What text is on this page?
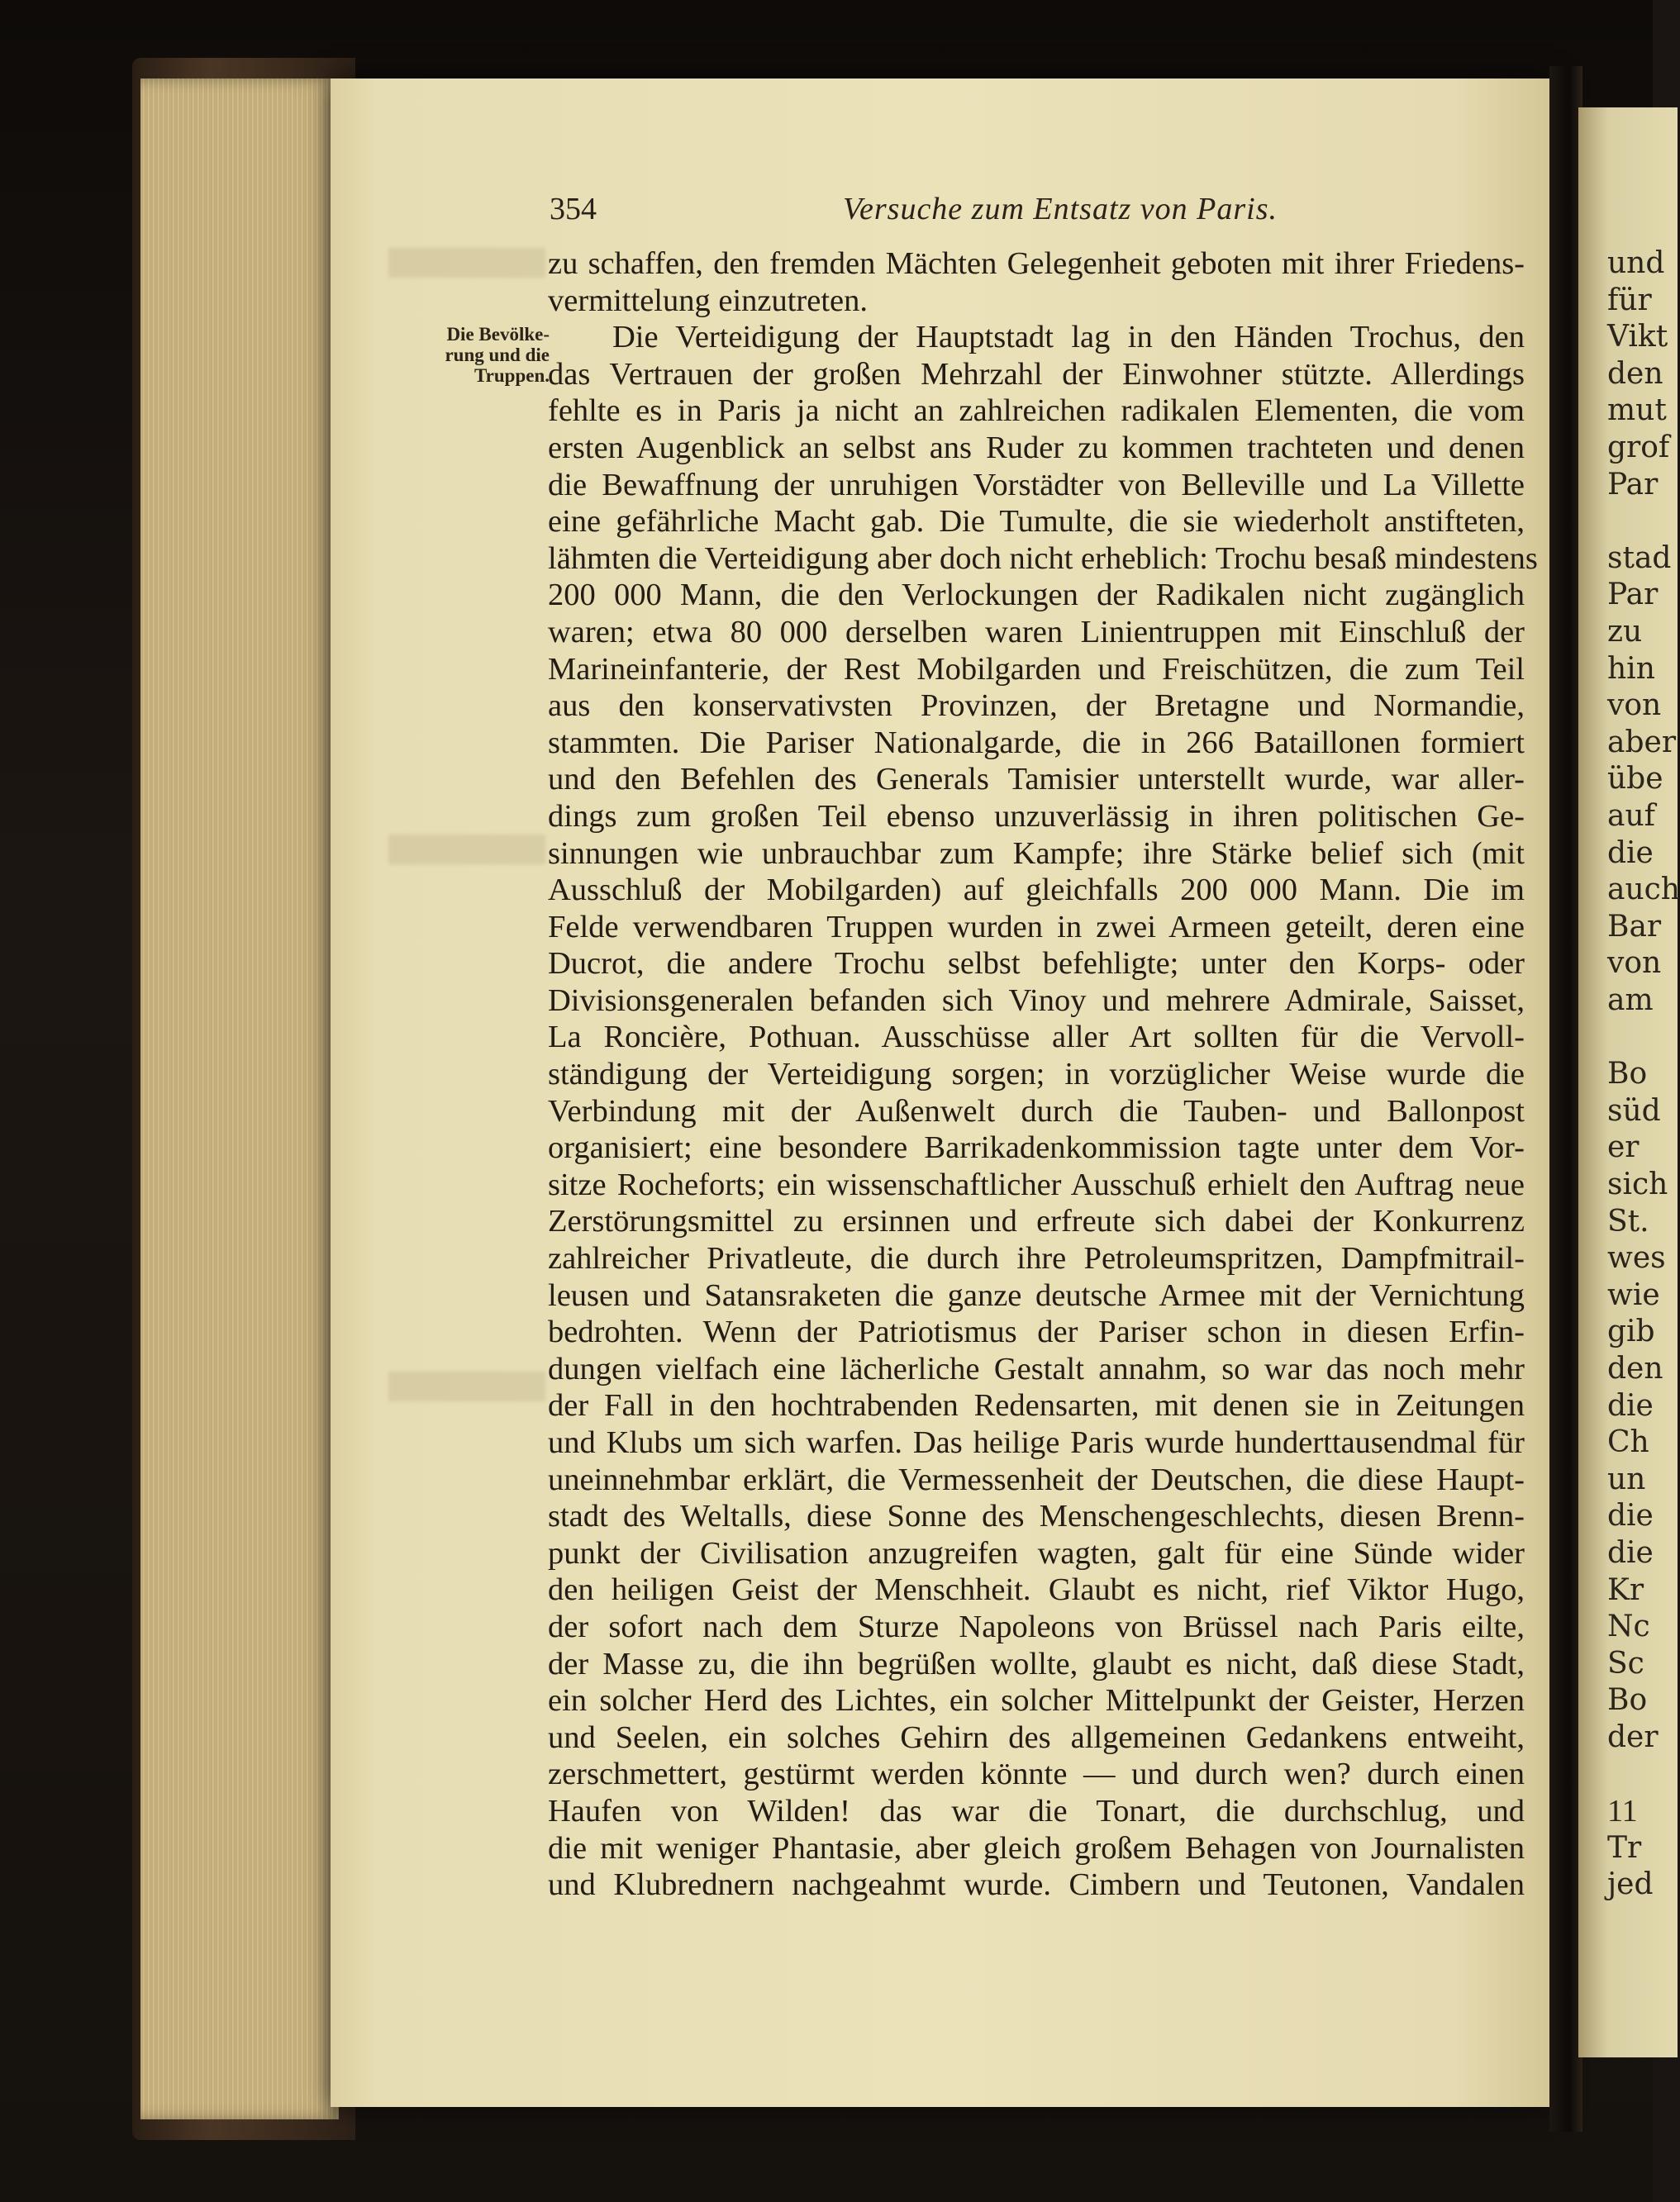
und
für
Vikt
den
mut
grof
Par
stad
Par
zu
hin
von
aber
übe
auf
die
auch
Bar
von
am
Bo
süd
er
sich
St.
wes
wie
gib
den
die
Ch
un
die
die
Kr
Nc
Sc
Bo
der
11
Tr
jed
354	Versuche zum Entsatz von Paris.
Die Bevölke-
rung und die
Truppen.
zu schaffen, den fremden Mächten Gelegenheit geboten mit ihrer Friedens-
vermittelung einzutreten.
Die Verteidigung der Hauptstadt lag in den Händen Trochus, den
das Vertrauen der großen Mehrzahl der Einwohner stützte. Allerdings
fehlte es in Paris ja nicht an zahlreichen radikalen Elementen, die vom
ersten Augenblick an selbst ans Ruder zu kommen trachteten und denen
die Bewaffnung der unruhigen Vorstädter von Belleville und La Villette
eine gefährliche Macht gab. Die Tumulte, die sie wiederholt anstifteten,
lähmten die Verteidigung aber doch nicht erheblich: Trochu besaß mindestens
200 000 Mann, die den Verlockungen der Radikalen nicht zugänglich
waren; etwa 80 000 derselben waren Linientruppen mit Einschluß der
Marineinfanterie, der Rest Mobilgarden und Freischützen, die zum Teil
aus den konservativsten Provinzen, der Bretagne und Normandie,
stammten. Die Pariser Nationalgarde, die in 266 Bataillonen formiert
und den Befehlen des Generals Tamisier unterstellt wurde, war aller-
dings zum großen Teil ebenso unzuverlässig in ihren politischen Ge-
sinnungen wie unbrauchbar zum Kampfe; ihre Stärke belief sich (mit
Ausschluß der Mobilgarden) auf gleichfalls 200 000 Mann. Die im
Felde verwendbaren Truppen wurden in zwei Armeen geteilt, deren eine
Ducrot, die andere Trochu selbst befehligte; unter den Korps- oder
Divisionsgeneralen befanden sich Vinoy und mehrere Admirale, Saisset,
La Roncière, Pothuan. Ausschüsse aller Art sollten für die Vervoll-
ständigung der Verteidigung sorgen; in vorzüglicher Weise wurde die
Verbindung mit der Außenwelt durch die Tauben- und Ballonpost
organisiert; eine besondere Barrikadenkommission tagte unter dem Vor-
sitze Rocheforts; ein wissenschaftlicher Ausschuß erhielt den Auftrag neue
Zerstörungsmittel zu ersinnen und erfreute sich dabei der Konkurrenz
zahlreicher Privatleute, die durch ihre Petroleumspritzen, Dampfmitrail-
leusen und Satansraketen die ganze deutsche Armee mit der Vernichtung
bedrohten. Wenn der Patriotismus der Pariser schon in diesen Erfin-
dungen vielfach eine lächerliche Gestalt annahm, so war das noch mehr
der Fall in den hochtrabenden Redensarten, mit denen sie in Zeitungen
und Klubs um sich warfen. Das heilige Paris wurde hunderttausendmal für
uneinnehmbar erklärt, die Vermessenheit der Deutschen, die diese Haupt-
stadt des Weltalls, diese Sonne des Menschengeschlechts, diesen Brenn-
punkt der Civilisation anzugreifen wagten, galt für eine Sünde wider
den heiligen Geist der Menschheit. Glaubt es nicht, rief Viktor Hugo,
der sofort nach dem Sturze Napoleons von Brüssel nach Paris eilte,
der Masse zu, die ihn begrüßen wollte, glaubt es nicht, daß diese Stadt,
ein solcher Herd des Lichtes, ein solcher Mittelpunkt der Geister, Herzen
und Seelen, ein solches Gehirn des allgemeinen Gedankens entweiht,
zerschmettert, gestürmt werden könnte — und durch wen? durch einen
Haufen von Wilden! das war die Tonart, die durchschlug, und
die mit weniger Phantasie, aber gleich großem Behagen von Journalisten
und Klubrednern nachgeahmt wurde. Cimbern und Teutonen, Vandalen
